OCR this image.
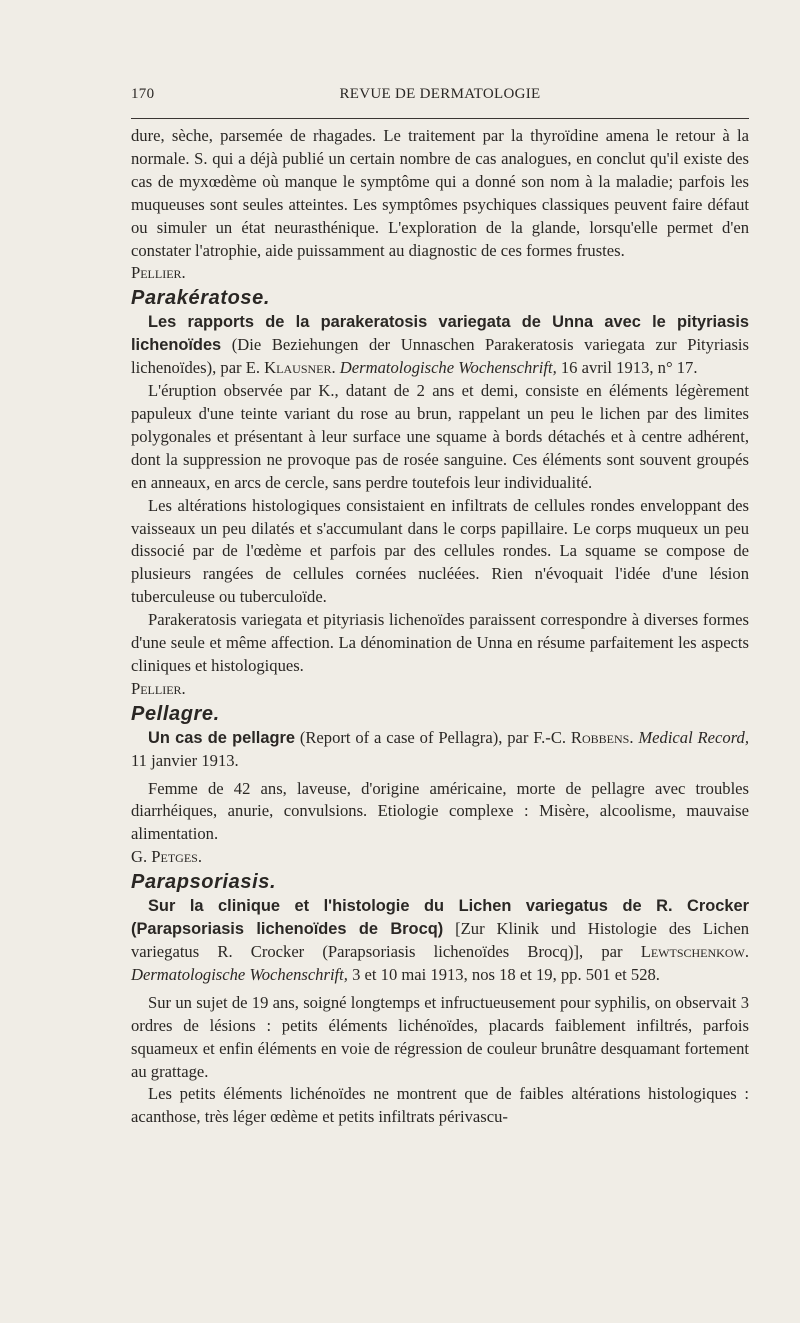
170	REVUE DE DERMATOLOGIE

dure, sèche, parsemée de rhagades. Le traitement par la thyroïdine amena le retour à la normale. S. qui a déjà publié un certain nombre de cas analogues, en conclut qu'il existe des cas de myxœdème où manque le symptôme qui a donné son nom à la maladie; parfois les muqueuses sont seules atteintes. Les symptômes psychiques classiques peuvent faire défaut ou simuler un état neurasthénique. L'exploration de la glande, lorsqu'elle permet d'en constater l'atrophie, aide puissamment au diagnostic de ces formes frustes.

Pellier.

Parakératose.

Les rapports de la parakeratosis variegata de Unna avec le pityriasis lichenoïdes (Die Beziehungen der Unnaschen Parakeratosis variegata zur Pityriasis lichenoïdes), par E. Klausner. Dermatologische Wochenschrift, 16 avril 1913, n° 17.

L'éruption observée par K., datant de 2 ans et demi, consiste en éléments légèrement papuleux d'une teinte variant du rose au brun, rappelant un peu le lichen par des limites polygonales et présentant à leur surface une squame à bords détachés et à centre adhérent, dont la suppression ne provoque pas de rosée sanguine. Ces éléments sont souvent groupés en anneaux, en arcs de cercle, sans perdre toutefois leur individualité.

Les altérations histologiques consistaient en infiltrats de cellules rondes enveloppant des vaisseaux un peu dilatés et s'accumulant dans le corps papillaire. Le corps muqueux un peu dissocié par de l'œdème et parfois par des cellules rondes. La squame se compose de plusieurs rangées de cellules cornées nucléées. Rien n'évoquait l'idée d'une lésion tuberculeuse ou tuberculoïde.

Parakeratosis variegata et pityriasis lichenoïdes paraissent correspondre à diverses formes d'une seule et même affection. La dénomination de Unna en résume parfaitement les aspects cliniques et histologiques.

Pellier.

Pellagre.

Un cas de pellagre (Report of a case of Pellagra), par F.-C. Robbens. Medical Record, 11 janvier 1913.

Femme de 42 ans, laveuse, d'origine américaine, morte de pellagre avec troubles diarrhéiques, anurie, convulsions. Etiologie complexe : Misère, alcoolisme, mauvaise alimentation.

G. Petges.

Parapsoriasis.

Sur la clinique et l'histologie du Lichen variegatus de R. Crocker (Parapsoriasis lichenoïdes de Brocq) [Zur Klinik und Histologie des Lichen variegatus R. Crocker (Parapsoriasis lichenoïdes Brocq)], par Lewtschenkow. Dermatologische Wochenschrift, 3 et 10 mai 1913, nos 18 et 19, pp. 501 et 528.

Sur un sujet de 19 ans, soigné longtemps et infructueusement pour syphilis, on observait 3 ordres de lésions : petits éléments lichénoïdes, placards faiblement infiltrés, parfois squameux et enfin éléments en voie de régression de couleur brunâtre desquamant fortement au grattage.

Les petits éléments lichénoïdes ne montrent que de faibles altérations histologiques : acanthose, très léger œdème et petits infiltrats périvascu-
